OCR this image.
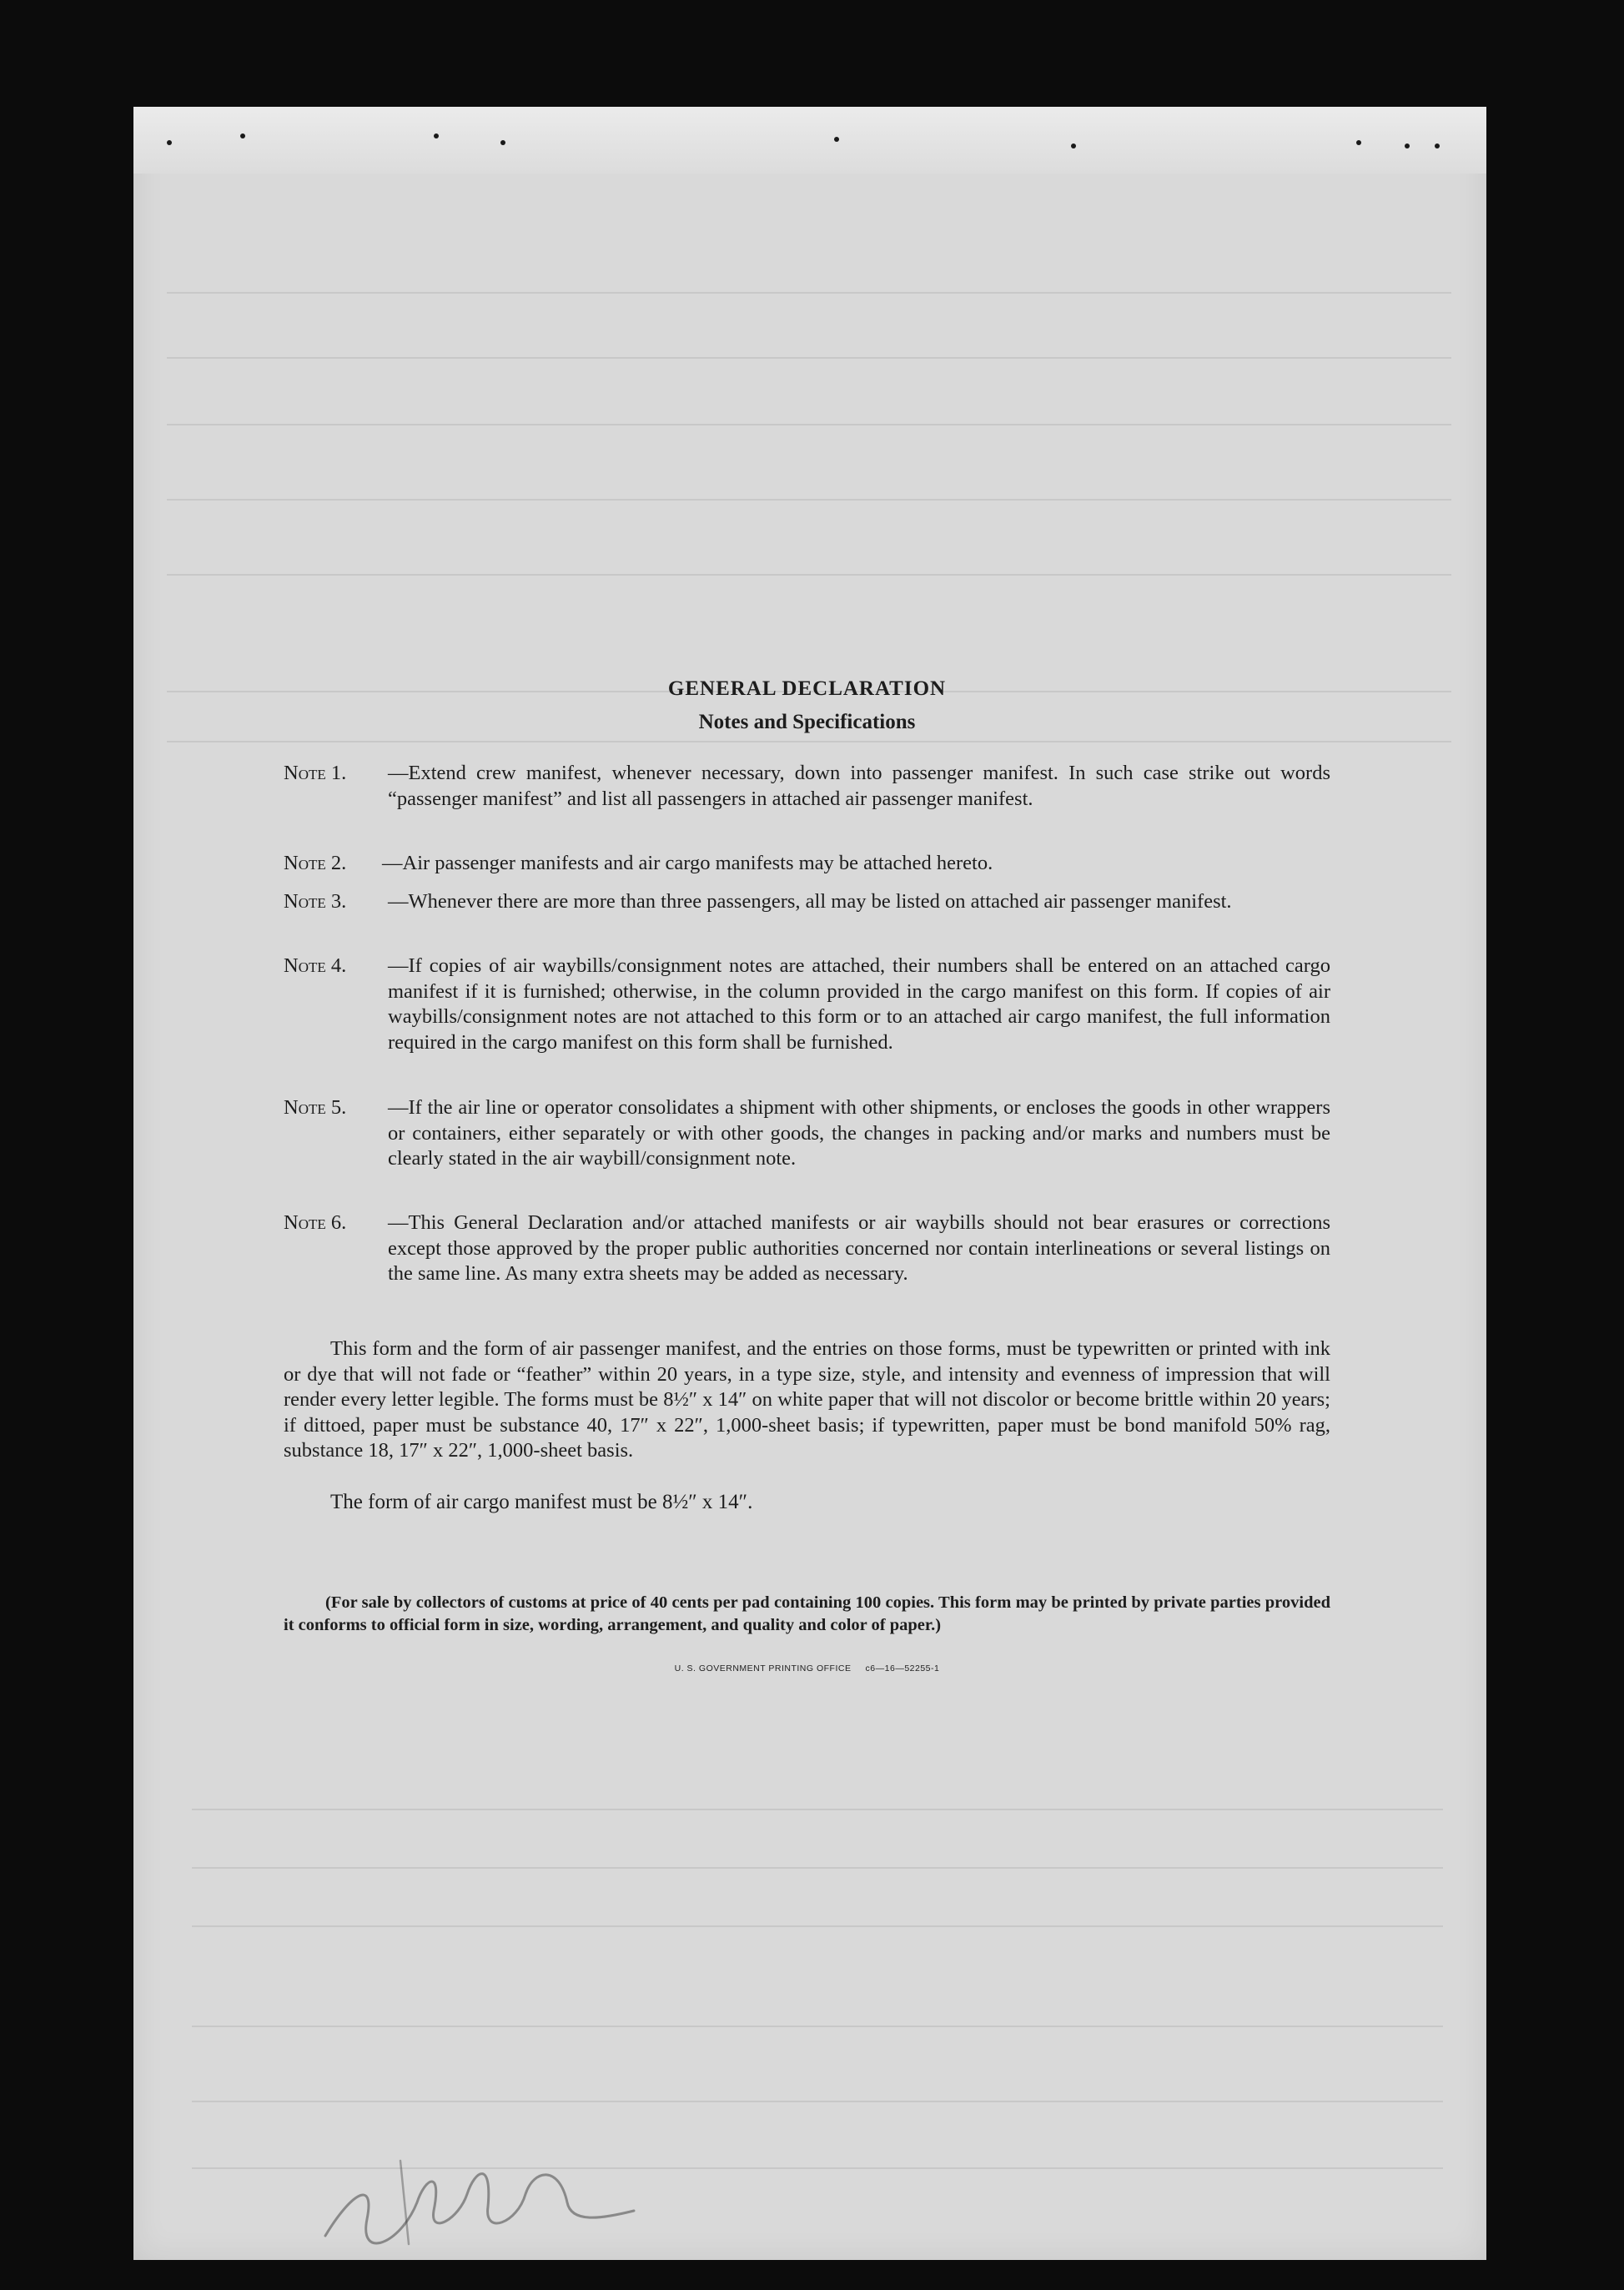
GENERAL DECLARATION
Notes and Specifications
Note 1. —Extend crew manifest, whenever necessary, down into passenger manifest. In such case strike out words “passenger manifest” and list all passengers in attached air passenger manifest.
Note 2. —Air passenger manifests and air cargo manifests may be attached hereto.
Note 3. —Whenever there are more than three passengers, all may be listed on attached air passenger manifest.
Note 4. —If copies of air waybills/consignment notes are attached, their numbers shall be entered on an attached cargo manifest if it is furnished; otherwise, in the column provided in the cargo manifest on this form. If copies of air waybills/consignment notes are not attached to this form or to an attached air cargo manifest, the full information required in the cargo manifest on this form shall be furnished.
Note 5. —If the air line or operator consolidates a shipment with other shipments, or encloses the goods in other wrappers or containers, either separately or with other goods, the changes in packing and/or marks and numbers must be clearly stated in the air waybill/consignment note.
Note 6. —This General Declaration and/or attached manifests or air waybills should not bear erasures or corrections except those approved by the proper public authorities concerned nor contain interlineations or several listings on the same line. As many extra sheets may be added as necessary.
This form and the form of air passenger manifest, and the entries on those forms, must be typewritten or printed with ink or dye that will not fade or “feather” within 20 years, in a type size, style, and intensity and evenness of impression that will render every letter legible. The forms must be 8½″ x 14″ on white paper that will not discolor or become brittle within 20 years; if dittoed, paper must be substance 40, 17″ x 22″, 1,000-sheet basis; if typewritten, paper must be bond manifold 50% rag, substance 18, 17″ x 22″, 1,000-sheet basis.
The form of air cargo manifest must be 8½″ x 14″.
(For sale by collectors of customs at price of 40 cents per pad containing 100 copies. This form may be printed by private parties provided it conforms to official form in size, wording, arrangement, and quality and color of paper.)
U. S. GOVERNMENT PRINTING OFFICE     c6—16—52255-1
